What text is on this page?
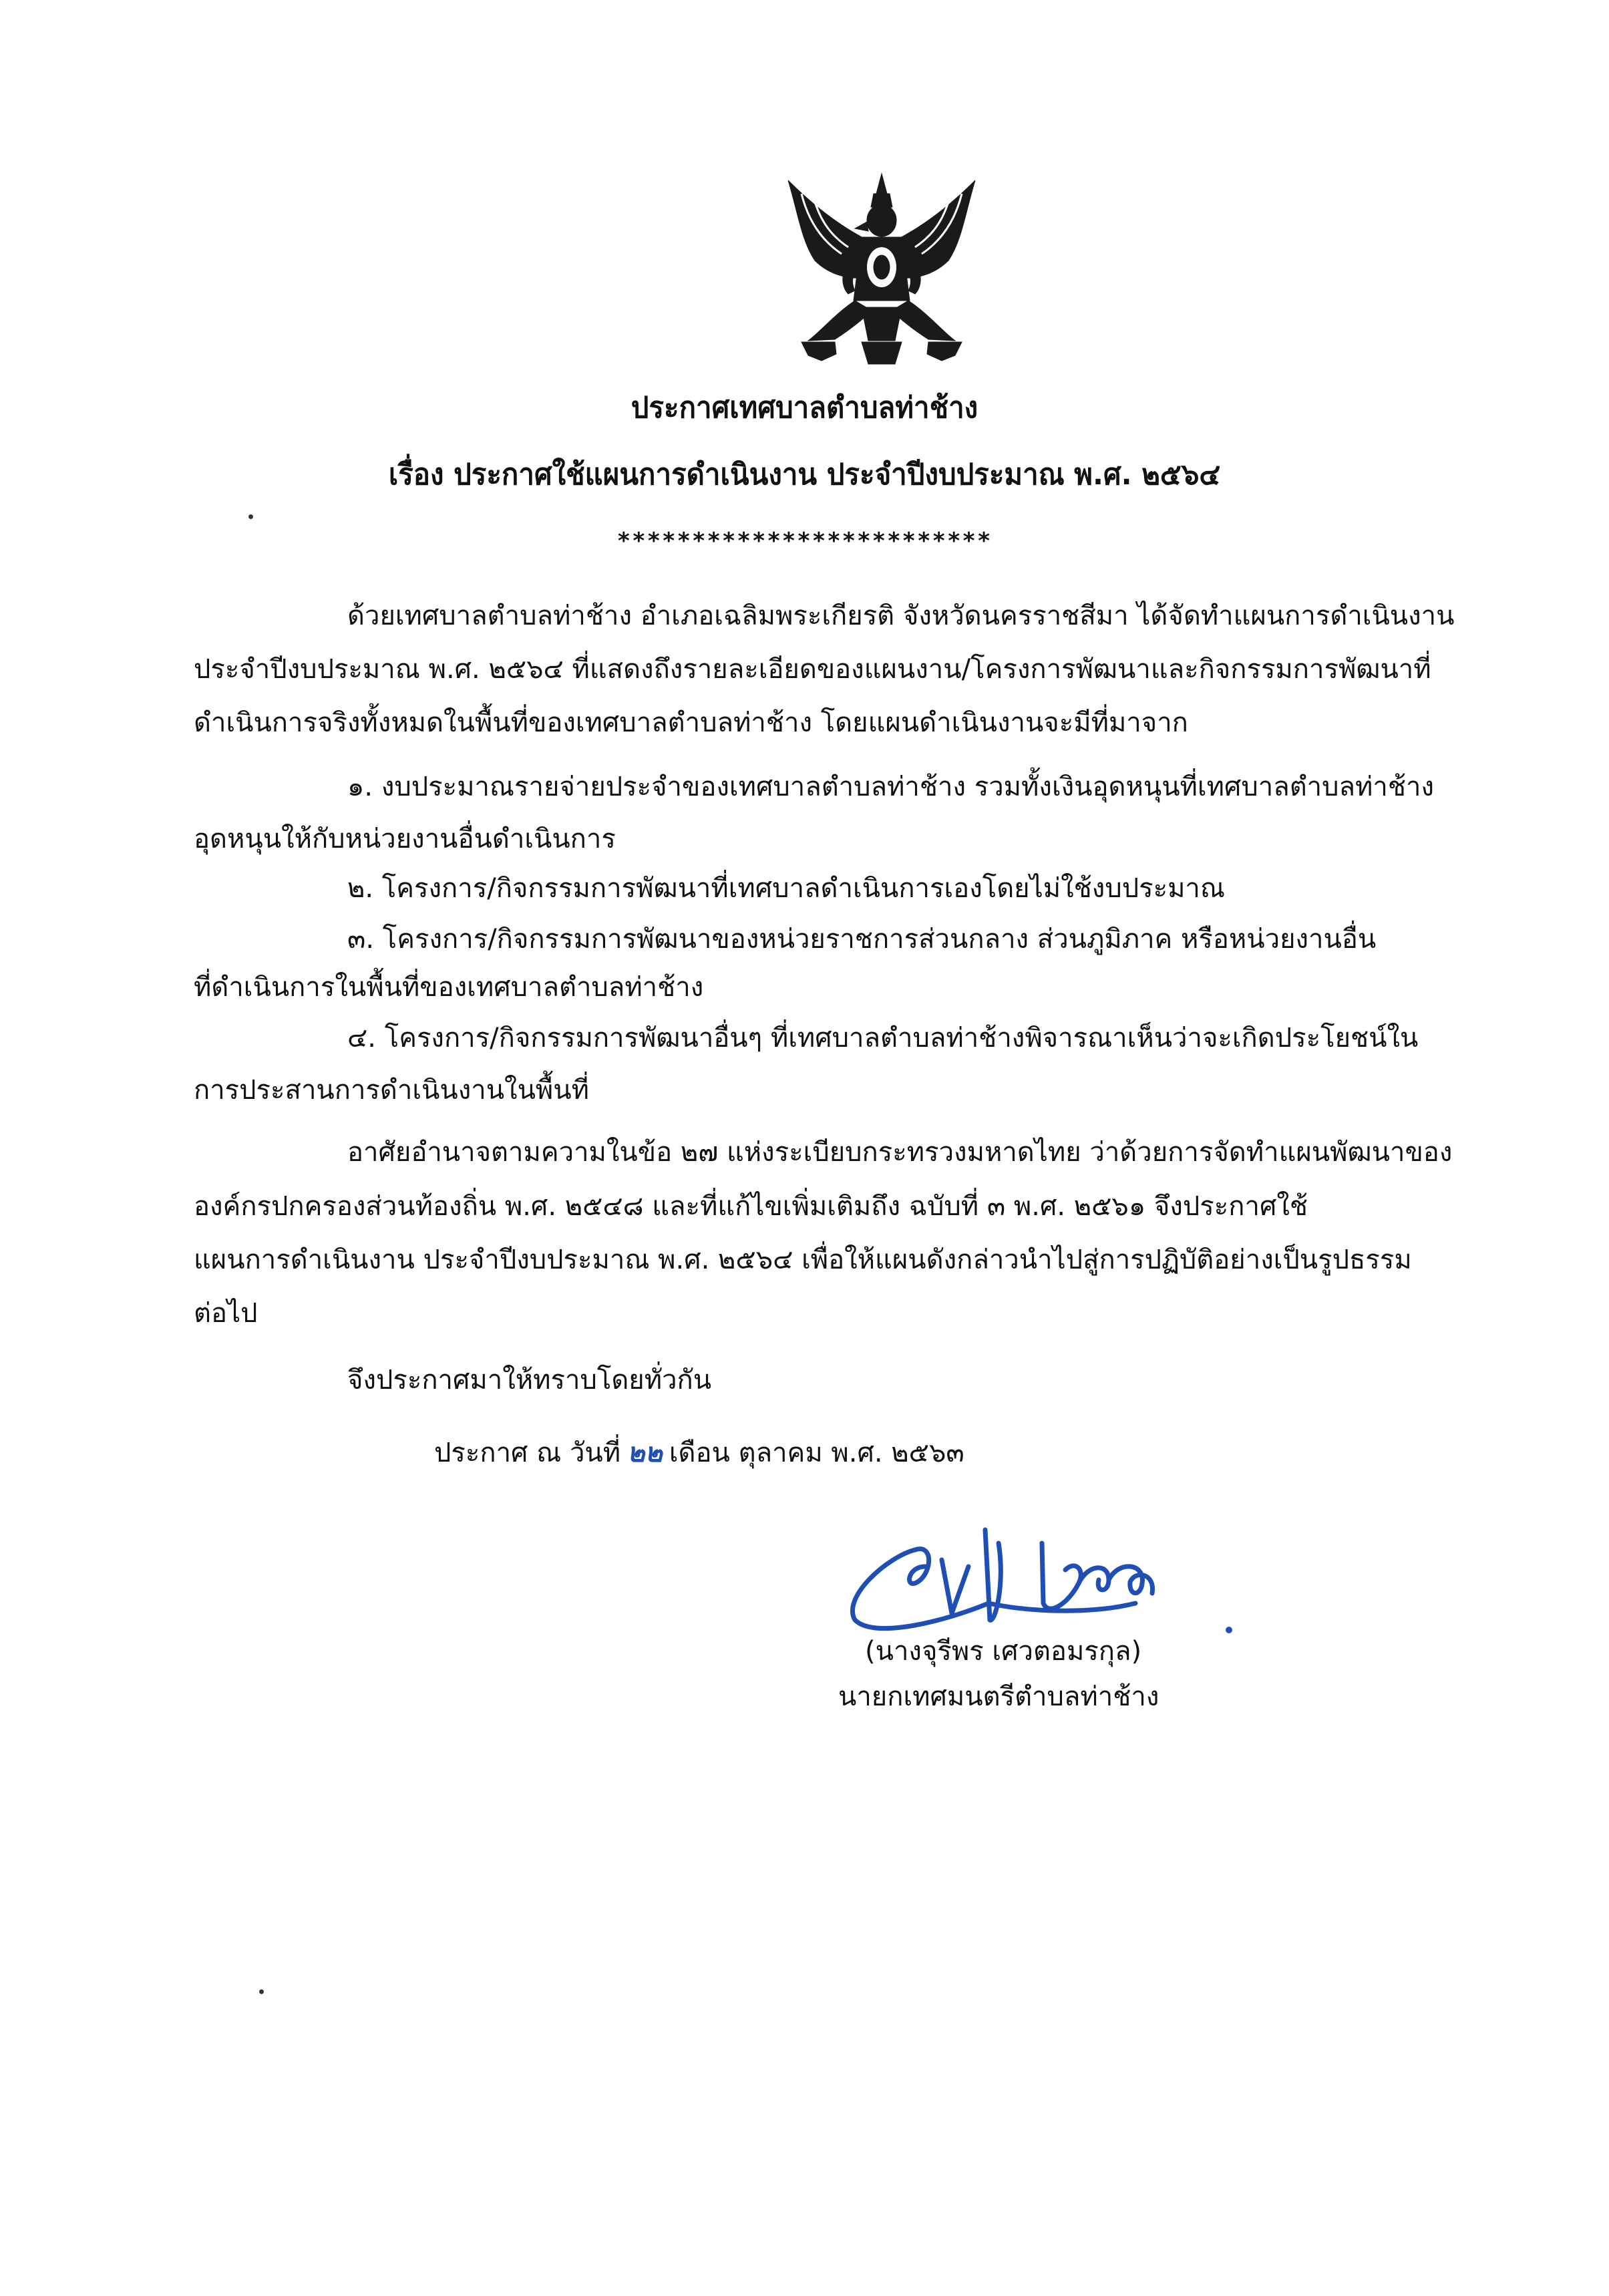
ประกาศเทศบาลตำบลท่าช้าง
เรื่อง ประกาศใช้แผนการดำเนินงาน ประจำปีงบประมาณ พ.ศ. ๒๕๖๔
*************************
ด้วยเทศบาลตำบลท่าช้าง อำเภอเฉลิมพระเกียรติ จังหวัดนครราชสีมา ได้จัดทำแผนการดำเนินงาน
ประจำปีงบประมาณ พ.ศ. ๒๕๖๔ ที่แสดงถึงรายละเอียดของแผนงาน/โครงการพัฒนาและกิจกรรมการพัฒนาที่
ดำเนินการจริงทั้งหมดในพื้นที่ของเทศบาลตำบลท่าช้าง โดยแผนดำเนินงานจะมีที่มาจาก
๑. งบประมาณรายจ่ายประจำของเทศบาลตำบลท่าช้าง รวมทั้งเงินอุดหนุนที่เทศบาลตำบลท่าช้าง
อุดหนุนให้กับหน่วยงานอื่นดำเนินการ
๒. โครงการ/กิจกรรมการพัฒนาที่เทศบาลดำเนินการเองโดยไม่ใช้งบประมาณ
๓. โครงการ/กิจกรรมการพัฒนาของหน่วยราชการส่วนกลาง ส่วนภูมิภาค หรือหน่วยงานอื่น
ที่ดำเนินการในพื้นที่ของเทศบาลตำบลท่าช้าง
๔. โครงการ/กิจกรรมการพัฒนาอื่นๆ ที่เทศบาลตำบลท่าช้างพิจารณาเห็นว่าจะเกิดประโยชน์ใน
การประสานการดำเนินงานในพื้นที่
อาศัยอำนาจตามความในข้อ ๒๗ แห่งระเบียบกระทรวงมหาดไทย ว่าด้วยการจัดทำแผนพัฒนาของ
องค์กรปกครองส่วนท้องถิ่น พ.ศ. ๒๕๔๘ และที่แก้ไขเพิ่มเติมถึง ฉบับที่ ๓ พ.ศ. ๒๕๖๑ จึงประกาศใช้
แผนการดำเนินงาน ประจำปีงบประมาณ พ.ศ. ๒๕๖๔ เพื่อให้แผนดังกล่าวนำไปสู่การปฏิบัติอย่างเป็นรูปธรรม
ต่อไป
จึงประกาศมาให้ทราบโดยทั่วกัน
ประกาศ ณ วันที่ ๒๒ เดือน ตุลาคม พ.ศ. ๒๕๖๓
(นางจุรีพร เศวตอมรกุล)
นายกเทศมนตรีตำบลท่าช้าง
